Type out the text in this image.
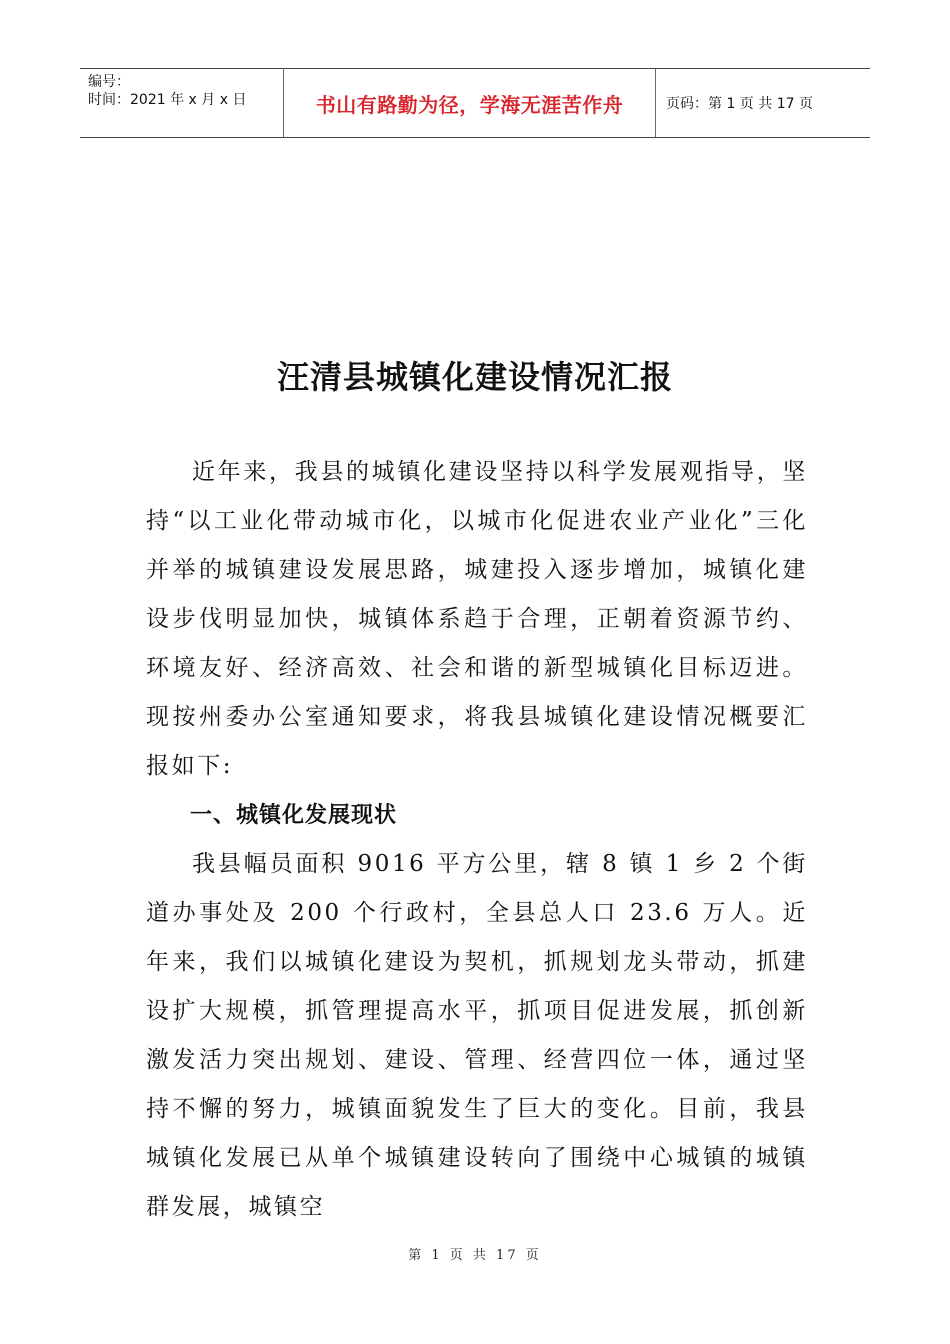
编号：
时间：2021 年 x 月 x 日	书山有路勤为径，学海无涯苦作舟	页码：第 1 页 共 17 页
汪清县城镇化建设情况汇报

近年来，我县的城镇化建设坚持以科学发展观指导，坚持“以工业化带动城市化，以城市化促进农业产业化”三化并举的城镇建设发展思路，城建投入逐步增加，城镇化建设步伐明显加快，城镇体系趋于合理，正朝着资源节约、环境友好、经济高效、社会和谐的新型城镇化目标迈进。现按州委办公室通知要求，将我县城镇化建设情况概要汇报如下:

一、城镇化发展现状

我县幅员面积 9016 平方公里，辖 8 镇 1 乡 2 个街道办事处及 200 个行政村，全县总人口 23.6 万人。近年来，我们以城镇化建设为契机，抓规划龙头带动，抓建设扩大规模，抓管理提高水平，抓项目促进发展，抓创新激发活力突出规划、建设、管理、经营四位一体，通过坚持不懈的努力，城镇面貌发生了巨大的变化。目前，我县城镇化发展已从单个城镇建设转向了围绕中心城镇的城镇群发展，城镇空

第 1 页 共 17 页
